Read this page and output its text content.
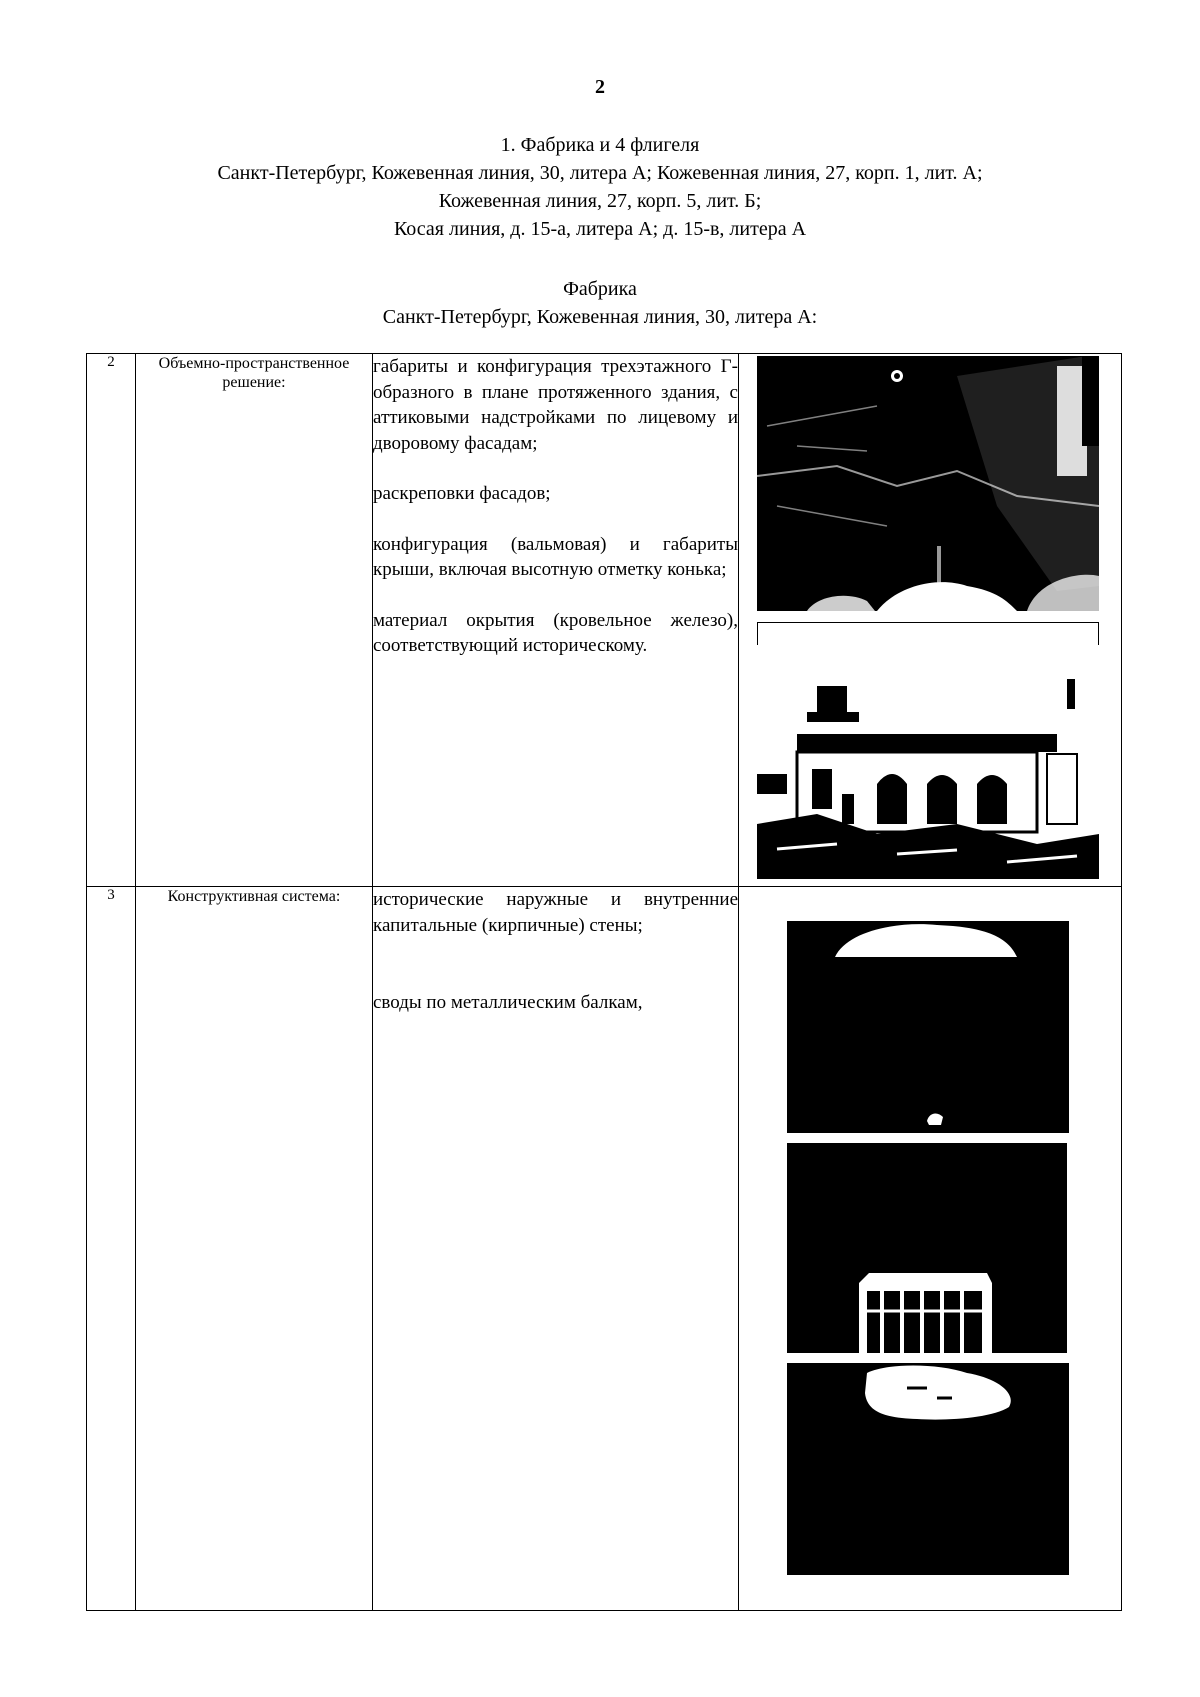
2
1. Фабрика и 4 флигеля
Санкт-Петербург, Кожевенная линия, 30, литера А; Кожевенная линия, 27, корп. 1, лит. А;
Кожевенная линия, 27, корп. 5, лит. Б;
Косая линия, д. 15-а, литера А; д. 15-в, литера А
Фабрика
Санкт-Петербург, Кожевенная линия, 30, литера А:
2	Объемно-пространственное решение:	габариты и конфигурация трехэтажного Г-образного в плане протяженного здания, с аттиковыми надстройками по лицевому и дворовому фасадам;

раскреповки фасадов;

конфигурация (вальмовая) и габариты крыши, включая высотную отметку конька;

материал окрытия (кровельное железо), соответствующий историческому.

3	Конструктивная система:	исторические наружные и внутренние капитальные (кирпичные) стены;

своды по металлическим балкам,
